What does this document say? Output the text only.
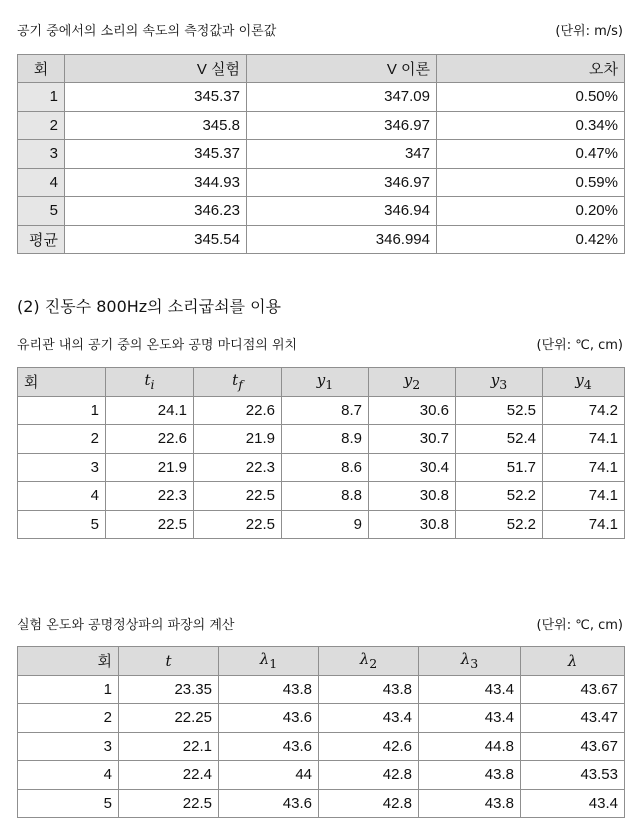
공기 중에서의 소리의 속도의 측정값과 이론값	(단위: m/s)
회	V 실험	V 이론	오차
1	345.37	347.09	0.50%
2	345.8	346.97	0.34%
3	345.37	347	0.47%
4	344.93	346.97	0.59%
5	346.23	346.94	0.20%
평균	345.54	346.994	0.42%
(2) 진동수 800Hz의 소리굽쇠를 이용
유리관 내의 공기 중의 온도와 공명 마디점의 위치	(단위: ℃, cm)
회	$t_i$	$t_f$	$y_1$	$y_2$	$y_3$	$y_4$
1	24.1	22.6	8.7	30.6	52.5	74.2
2	22.6	21.9	8.9	30.7	52.4	74.1
3	21.9	22.3	8.6	30.4	51.7	74.1
4	22.3	22.5	8.8	30.8	52.2	74.1
5	22.5	22.5	9	30.8	52.2	74.1
실험 온도와 공명정상파의 파장의 계산	(단위: ℃, cm)
회	t	$\lambda_1$	$\lambda_2$	$\lambda_3$	λ
1	23.35	43.8	43.8	43.4	43.67
2	22.25	43.6	43.4	43.4	43.47
3	22.1	43.6	42.6	44.8	43.67
4	22.4	44	42.8	43.8	43.53
5	22.5	43.6	42.8	43.8	43.4
